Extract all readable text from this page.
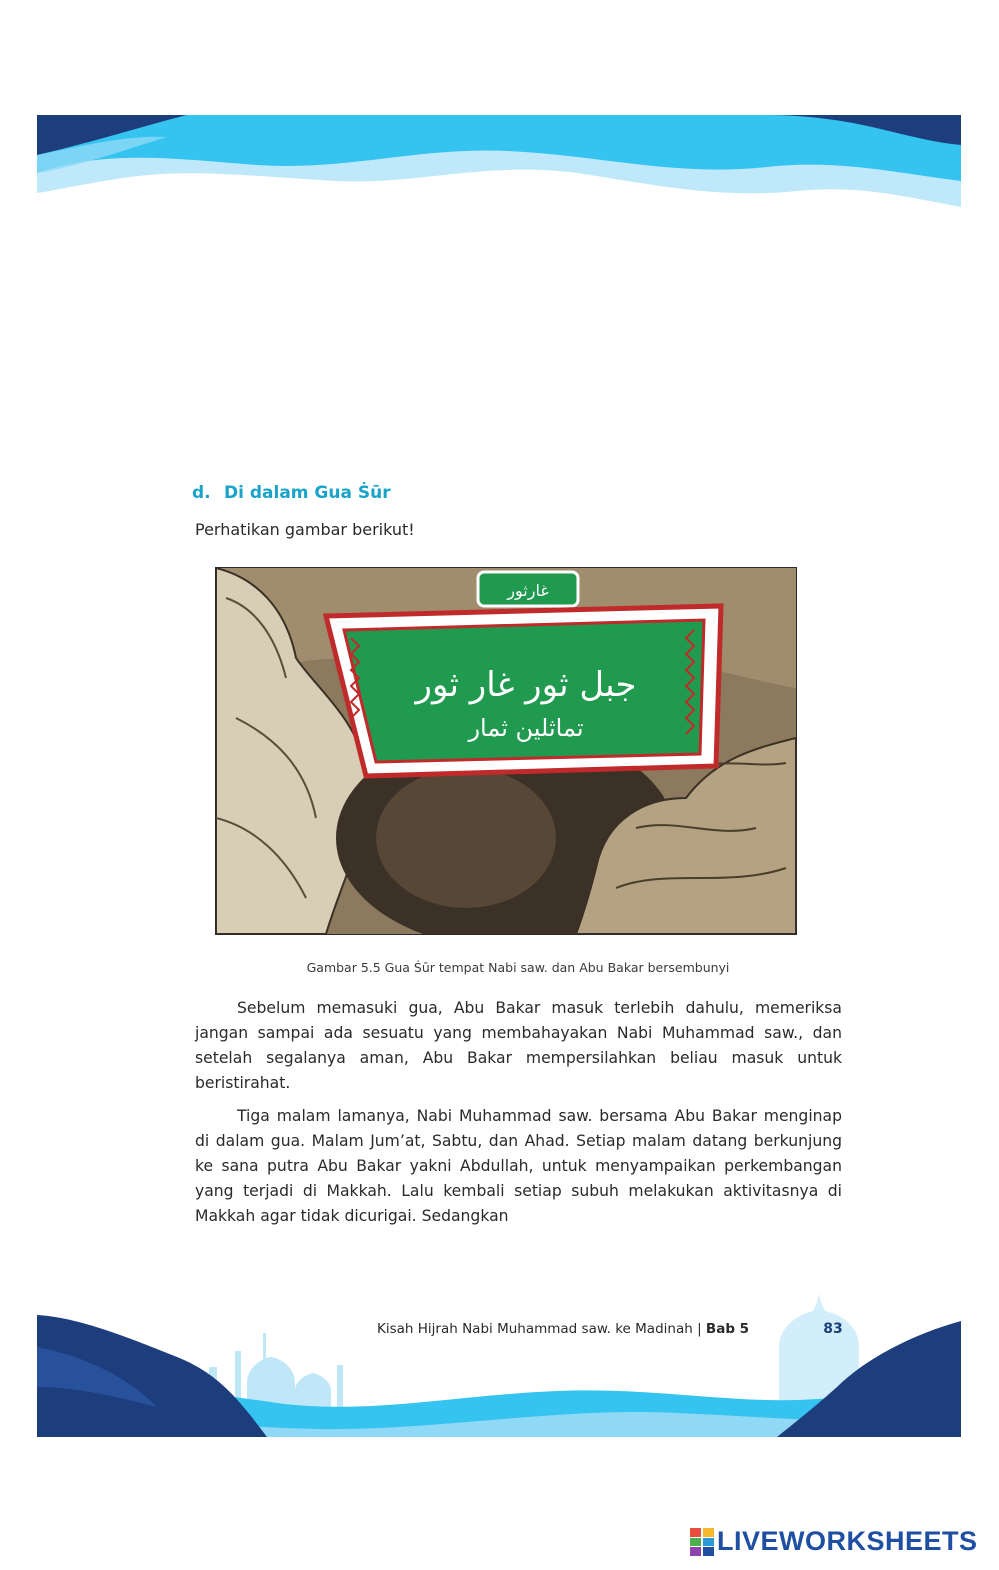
d. Di dalam Gua Ṡūr
Perhatikan gambar berikut!
غارثور
جبل ثور غار ثور
تماثلين ثمار
Gambar 5.5 Gua Ṡūr tempat Nabi saw. dan Abu Bakar bersembunyi

Sebelum memasuki gua, Abu Bakar masuk terlebih dahulu, memeriksa jangan sampai ada sesuatu yang membahayakan Nabi Muhammad saw., dan setelah segalanya aman, Abu Bakar mempersilahkan beliau masuk untuk beristirahat.

Tiga malam lamanya, Nabi Muhammad saw. bersama Abu Bakar menginap di dalam gua. Malam Jum’at, Sabtu, dan Ahad. Setiap malam datang berkunjung ke sana putra Abu Bakar yakni Abdullah, untuk menyampaikan perkembangan yang terjadi di Makkah. Lalu kembali setiap subuh melakukan aktivitasnya di Makkah agar tidak dicurigai. Sedangkan

Kisah Hijrah Nabi Muhammad saw. ke Madinah | Bab 5	83
LIVEWORKSHEETS
